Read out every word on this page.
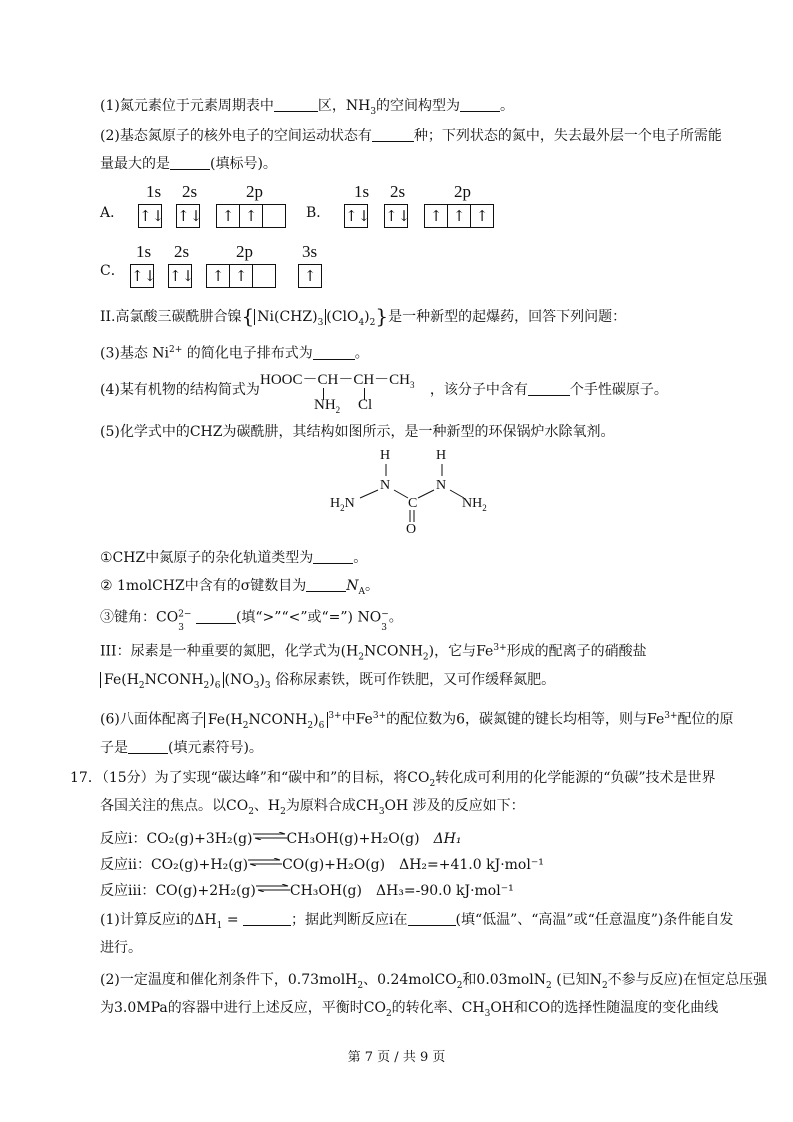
(1)氮元素位于元素周期表中	区，$NH_3$的空间构型为	。
(2)基态氮原子的核外电子的空间运动状态有	种；下列状态的氮中，失去最外层一个电子所需能
量最大的是	(填标号)。
A．
1s 2s	2p
↑↓ ↑↓	↑ ↑	B．
1s 2s	2p
↑↓ ↑↓	↑ ↑ ↑
C．
1s 2s	2p	3s
↑↓ ↑↓	↑ ↑	↑
II.高氯酸三碳酰肼合镍{ $Ni(CHZ)_3$ $(ClO_4)_2$}是一种新型的起爆药，回答下列问题：
(3)基态 $Ni^{2+}$ 的简化电子排布式为	。
(4)某有机物的结构简式为	，该分子中含有	个手性碳原子。
$HOOC-CH-CH-CH_3$
$NH_2$ Cl
(5)化学式中的CHZ为碳酰肼，其结构如图所示，是一种新型的环保锅炉水除氧剂。
H	H
N	N
C
O
$H_2N$	$NH_2$
①CHZ中氮原子的杂化轨道类型为	。
② 1molCHZ中含有的σ键数目为	$N_A$。
③键角：$CO^{2-}$
3
(填“>”“<”或“=”) NO−
3
。
III：尿素是一种重要的氮肥，化学式为$(H_2NCONH_2)$，它与$Fe^{3+}$形成的配离子的硝酸盐
$Fe(H_2NCONH_2)_6$ $(NO_3)_3$ 俗称尿素铁，既可作铁肥，又可作缓释氮肥。
(6)八面体配离子 $Fe(H_2NCONH_2)_6^{3+}$中$Fe^{3+}$的配位数为6，碳氮键的键长均相等，则与$Fe^{3+}$配位的原
子是	(填元素符号)。
17．（15分）为了实现“碳达峰”和“碳中和”的目标，将$CO_2$转化成可利用的化学能源的“负碳”技术是世界
各国关注的焦点。以$CO_2$、$H_2$为原料合成$CH_3OH$ 涉及的反应如下：
反应i：CO₂(g)+3H₂(g)⇌CH₃OH(g)+H₂O(g) ΔH₁
反应ii：CO₂(g)+H₂(g)⇌CO(g)+H₂O(g) ΔH₂=+41.0 kJ·mol⁻¹
反应iii：CO(g)+2H₂(g)⇌CH₃OH(g) ΔH₃=-90.0 kJ·mol⁻¹
(1)计算反应i的$\Delta H_1$ =	；据此判断反应i在	(填“低温”、“高温”或“任意温度”)条件能自发
进行。
(2)一定温度和催化剂条件下，0.73molH$_2$、0.24molCO$_2$和0.03molN$_2$ (已知$N_2$不参与反应)在恒定总压强
为3.0MPa的容器中进行上述反应，平衡时$CO_2$的转化率、$CH_3OH$和CO的选择性随温度的变化曲线
第 7 页 / 共 9 页
